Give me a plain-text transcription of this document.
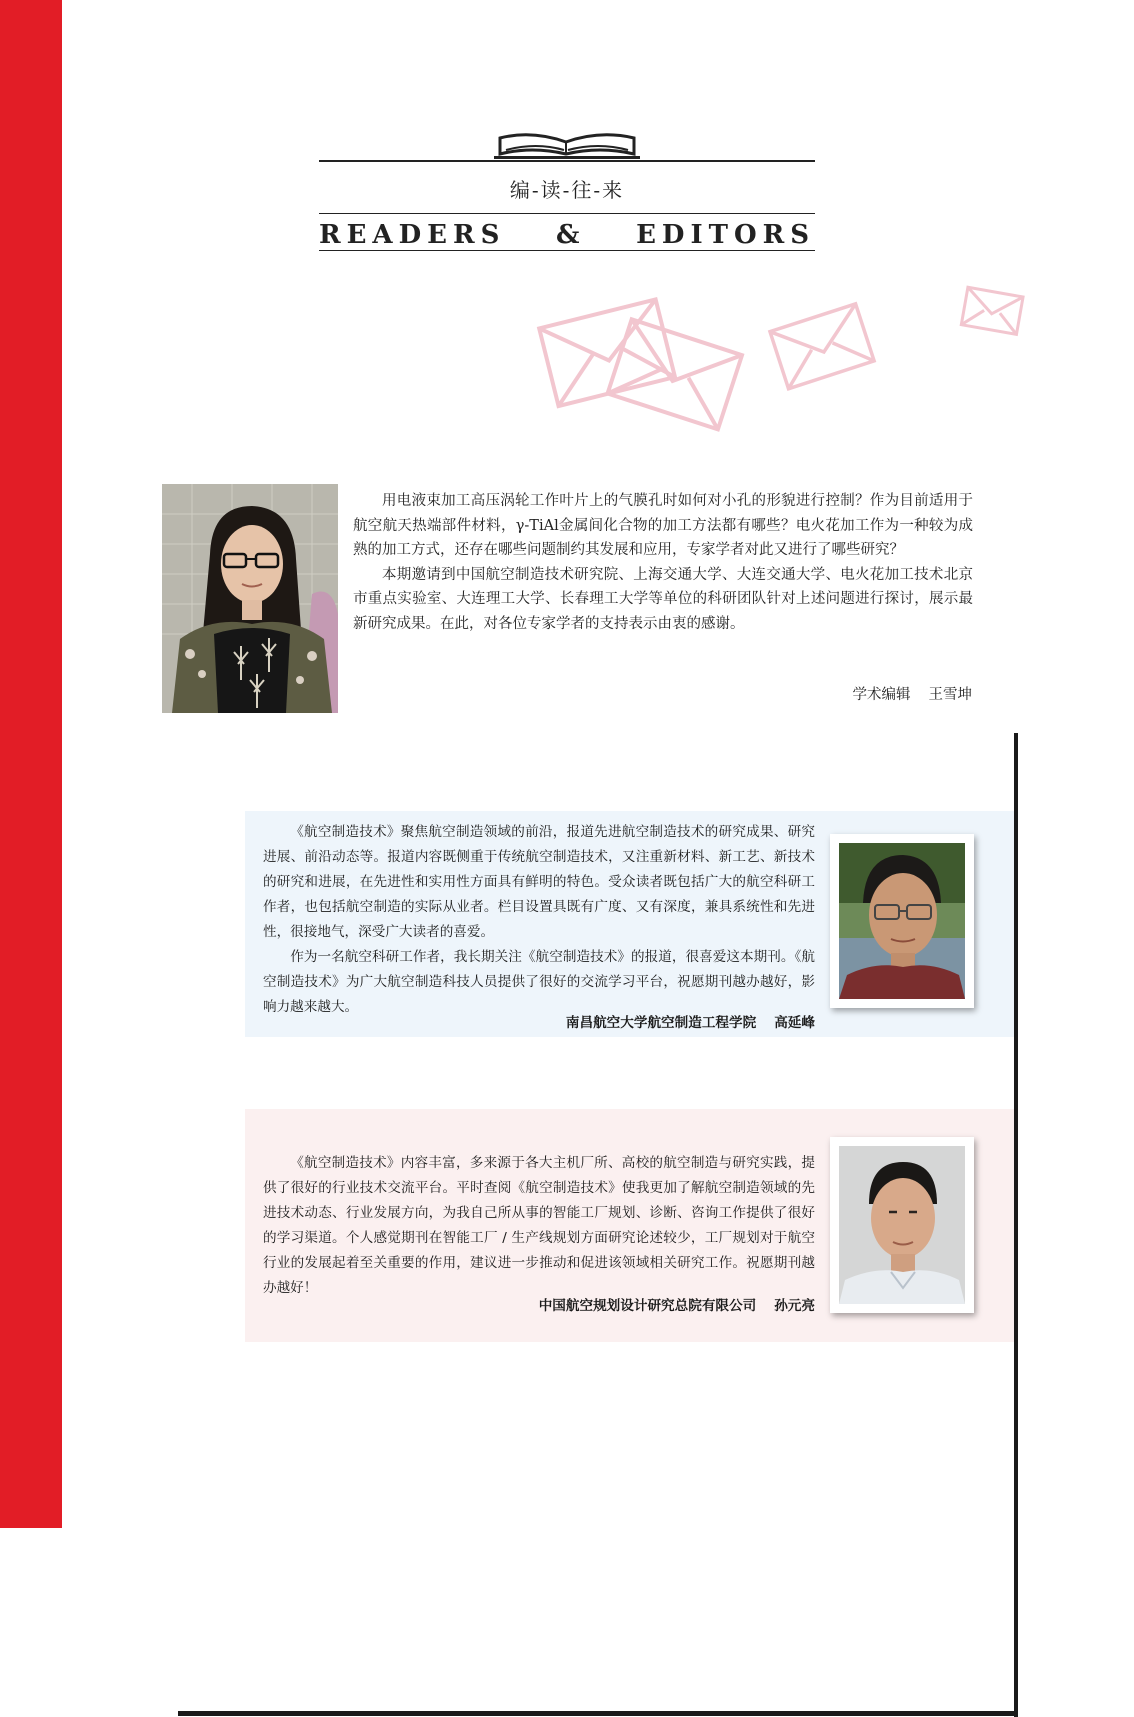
编-读-往-来
READERS & EDITORS

用电液束加工高压涡轮工作叶片上的气膜孔时如何对小孔的形貌进行控制？作为目前适用于航空航天热端部件材料，γ-TiAl金属间化合物的加工方法都有哪些？电火花加工作为一种较为成熟的加工方式，还存在哪些问题制约其发展和应用，专家学者对此又进行了哪些研究？

本期邀请到中国航空制造技术研究院、上海交通大学、大连交通大学、电火花加工技术北京市重点实验室、大连理工大学、长春理工大学等单位的科研团队针对上述问题进行探讨，展示最新研究成果。在此，对各位专家学者的支持表示由衷的感谢。

学术编辑 王雪坤

《航空制造技术》聚焦航空制造领域的前沿，报道先进航空制造技术的研究成果、研究进展、前沿动态等。报道内容既侧重于传统航空制造技术，又注重新材料、新工艺、新技术的研究和进展，在先进性和实用性方面具有鲜明的特色。受众读者既包括广大的航空科研工作者，也包括航空制造的实际从业者。栏目设置具既有广度、又有深度，兼具系统性和先进性，很接地气，深受广大读者的喜爱。

作为一名航空科研工作者，我长期关注《航空制造技术》的报道，很喜爱这本期刊。《航空制造技术》为广大航空制造科技人员提供了很好的交流学习平台，祝愿期刊越办越好，影响力越来越大。

南昌航空大学航空制造工程学院 高延峰

《航空制造技术》内容丰富，多来源于各大主机厂所、高校的航空制造与研究实践，提供了很好的行业技术交流平台。平时查阅《航空制造技术》使我更加了解航空制造领域的先进技术动态、行业发展方向，为我自己所从事的智能工厂规划、诊断、咨询工作提供了很好的学习渠道。个人感觉期刊在智能工厂 / 生产线规划方面研究论述较少，工厂规划对于航空行业的发展起着至关重要的作用，建议进一步推动和促进该领域相关研究工作。祝愿期刊越办越好！

中国航空规划设计研究总院有限公司 孙元亮
